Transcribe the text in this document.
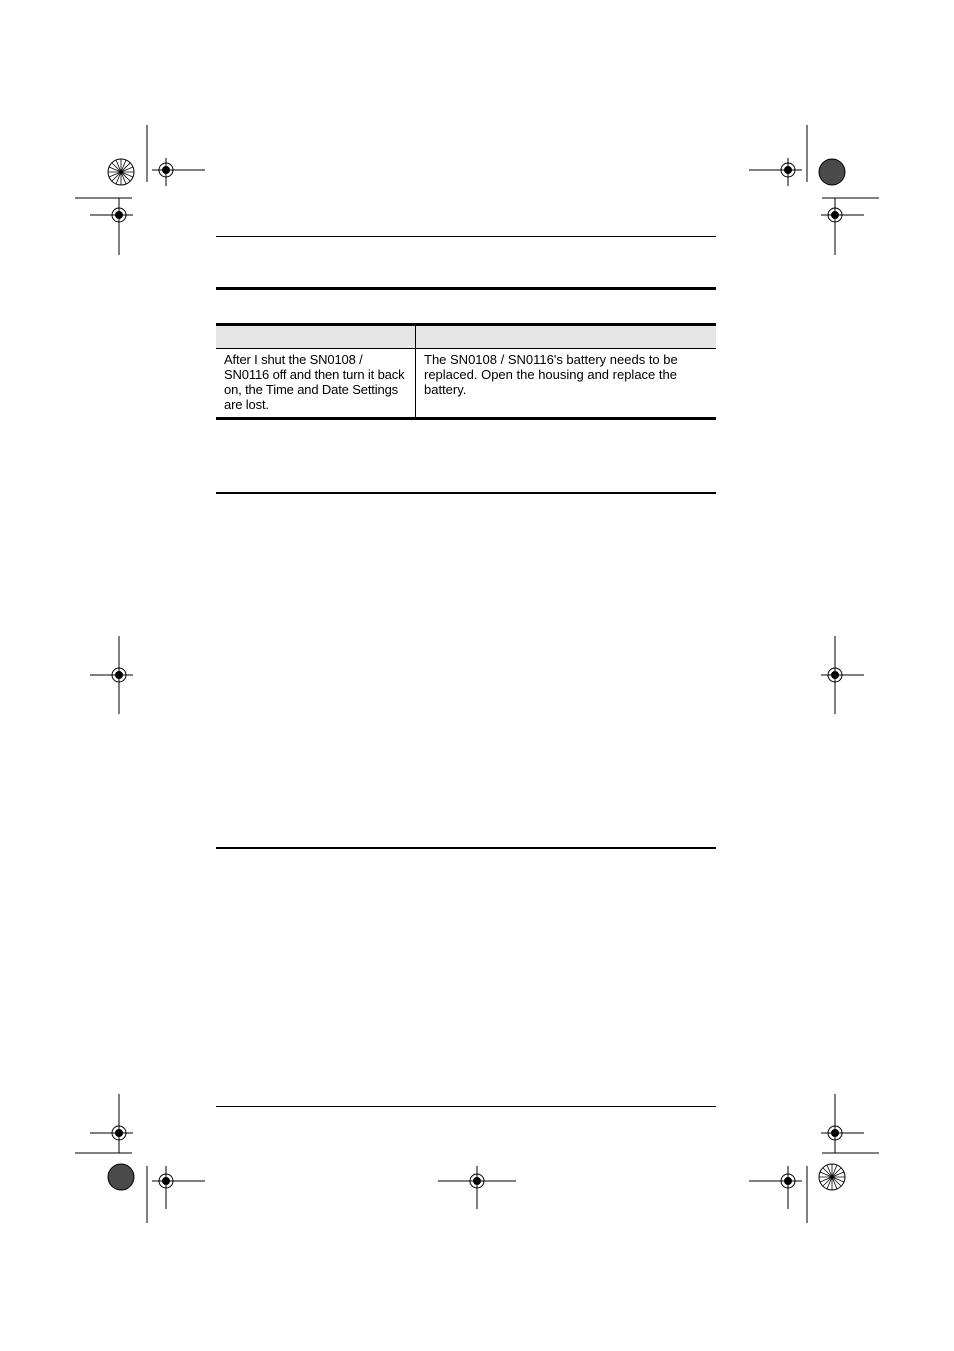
After I shut the SN0108 / SN0116 off and then turn it back on, the Time and Date Settings are lost.	The SN0108 / SN0116's battery needs to be replaced. Open the housing and replace the battery.
